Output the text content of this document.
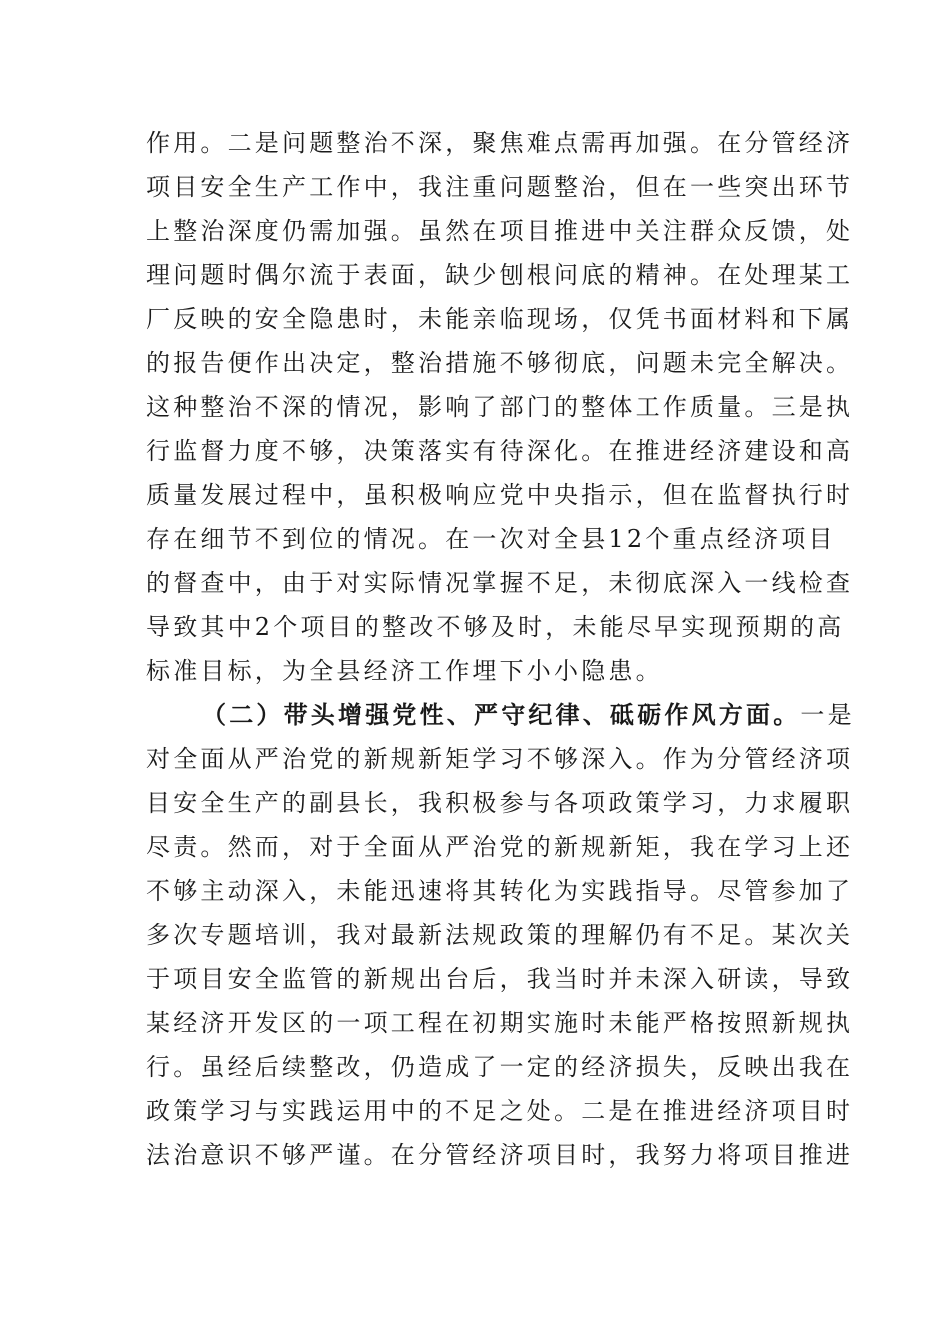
作用。二是问题整治不深，聚焦难点需再加强。在分管经济
项目安全生产工作中，我注重问题整治，但在一些突出环节
上整治深度仍需加强。虽然在项目推进中关注群众反馈，处
理问题时偶尔流于表面，缺少刨根问底的精神。在处理某工
厂反映的安全隐患时，未能亲临现场，仅凭书面材料和下属
的报告便作出决定，整治措施不够彻底，问题未完全解决。
这种整治不深的情况，影响了部门的整体工作质量。三是执
行监督力度不够，决策落实有待深化。在推进经济建设和高
质量发展过程中，虽积极响应党中央指示，但在监督执行时
存在细节不到位的情况。在一次对全县12个重点经济项目
的督查中，由于对实际情况掌握不足，未彻底深入一线检查
导致其中2个项目的整改不够及时，未能尽早实现预期的高
标准目标，为全县经济工作埋下小小隐患。
（二）带头增强党性、严守纪律、砥砺作风方面。一是
对全面从严治党的新规新矩学习不够深入。作为分管经济项
目安全生产的副县长，我积极参与各项政策学习，力求履职
尽责。然而，对于全面从严治党的新规新矩，我在学习上还
不够主动深入，未能迅速将其转化为实践指导。尽管参加了
多次专题培训，我对最新法规政策的理解仍有不足。某次关
于项目安全监管的新规出台后，我当时并未深入研读，导致
某经济开发区的一项工程在初期实施时未能严格按照新规执
行。虽经后续整改，仍造成了一定的经济损失，反映出我在
政策学习与实践运用中的不足之处。二是在推进经济项目时
法治意识不够严谨。在分管经济项目时，我努力将项目推进
